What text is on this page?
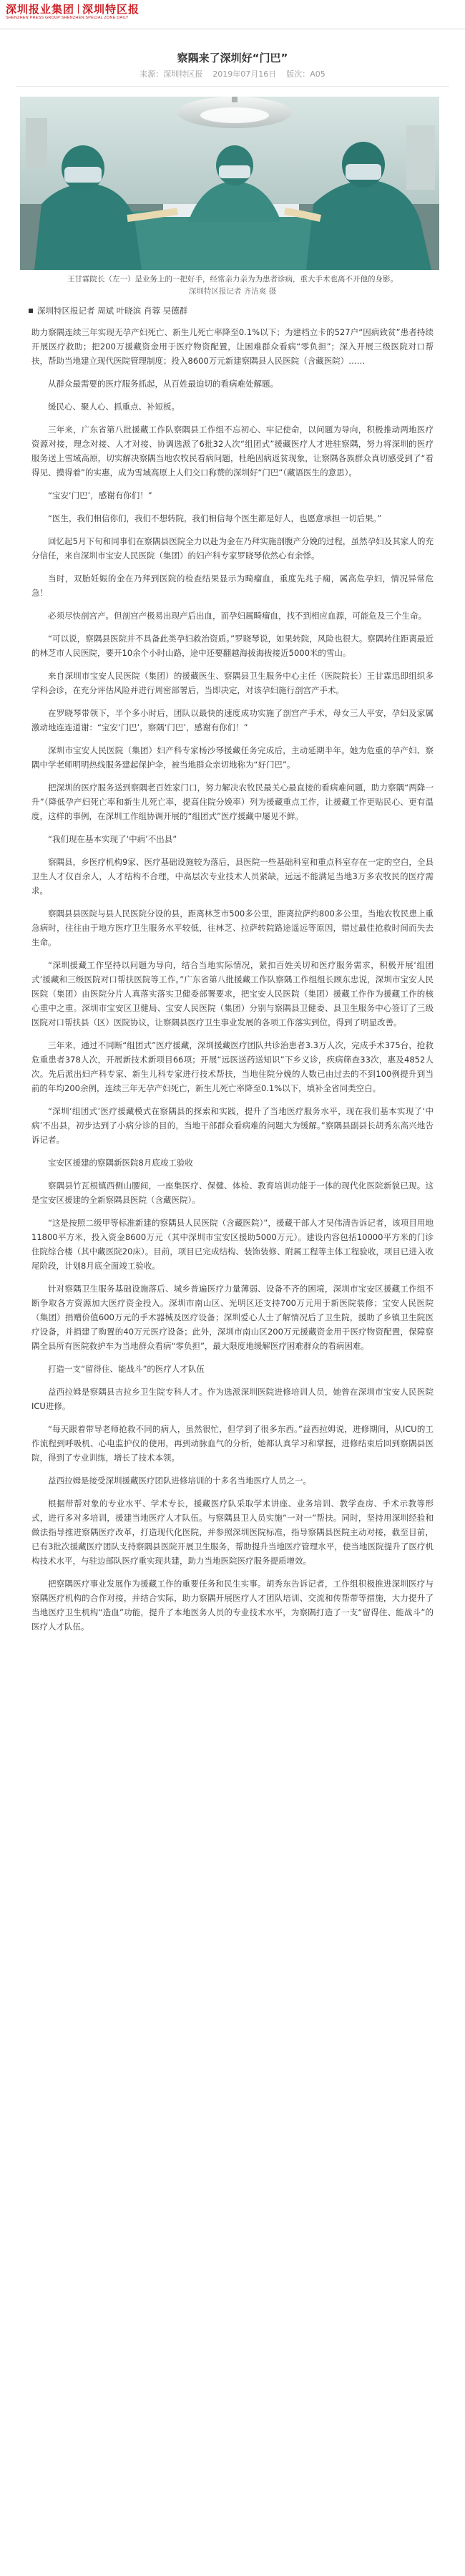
深圳报业集团 深圳特区报
SHENZHEN PRESS GROUP SHENZHEN SPECIAL ZONE DAILY
察隅来了深圳好“门巴”
来源：深圳特区报    2019年07月16日    版次：A05
王甘霖院长（左一）是业务上的一把好手，经常亲力亲为为患者诊病，重大手术也离不开他的身影。
深圳特区报记者 齐洁爽 摄
深圳特区报记者 周斌 叶晓滨 肖蓉 吴德群

助力察隅连续三年实现无孕产妇死亡、新生儿死亡率降至0.1%以下；为建档立卡的527户“因病致贫”患者持续开展医疗救助；把200万援藏资金用于医疗物资配置，让困难群众看病“零负担”；深入开展三级医院对口帮扶，帮助当地建立现代医院管理制度；投入8600万元新建察隅县人民医院（含藏医院）……

从群众最需要的医疗服务抓起，从百姓最迫切的看病难处解题。

缓民心、聚人心、抓重点、补短板。

三年来，广东省第八批援藏工作队察隅县工作组不忘初心、牢记使命，以问题为导向，积极推动两地医疗资源对接，理念对接、人才对接、协调选派了6批32人次“组团式”援藏医疗人才进驻察隅，努力将深圳的医疗服务送上雪域高原，切实解决察隅当地农牧民看病问题，杜绝因病返贫现象，让察隅各族群众真切感受到了“看得见、摸得着”的实惠，成为雪域高原上人们交口称赞的深圳好“门巴”（藏语医生的意思）。

“宝安‘门巴’，感谢有你们！”

“医生，我们相信你们，我们不想转院，我们相信每个医生都是好人，也愿意承担一切后果。”

回忆起5月下旬和同事们在察隅县医院全力以赴为金在乃拜实施剖腹产分娩的过程，虽然孕妇及其家人的充分信任，来自深圳市宝安人民医院（集团）的妇产科专家罗晓琴依然心有余悸。

当时，双胎妊娠的金在乃拜到医院的检查结果显示为畸瘤血，重度先兆子痫，属高危孕妇，情况异常危急！

必须尽快剖宫产。但剖宫产极易出现产后出血，而孕妇属畸瘤血，找不到相应血源，可能危及三个生命。

“可以说，察隅县医院并不具备此类孕妇救治资质。”罗晓琴说，如果转院，风险也很大。察隅转往距离最近的林芝市人民医院，要开10余个小时山路，途中还要翻越海拔海拔接近5000米的雪山。

来自深圳市宝安人民医院（集团）的援藏医生、察隅县卫生服务中心主任（医院院长）王甘霖迅即组织多学科会诊，在充分评估风险并进行周密部署后，当即决定，对该孕妇施行剖宫产手术。

在罗晓琴带领下，半个多小时后，团队以最快的速度成功实施了剖宫产手术，母女三人平安，孕妇及家属激动地连连道谢：“宝安‘门巴’，察隅‘门巴’，感谢有你们！”

深圳市宝安人民医院（集团）妇产科专家杨沙琴援藏任务完成后，主动延期半年。她为危重的孕产妇、察隅中学老师明明热线服务建起保护伞，被当地群众亲切地称为“好门巴”。

把深圳的医疗服务送到察隅老百姓家门口，努力解决农牧民最关心最直接的看病难问题，助力察隅“两降一升”（降低孕产妇死亡率和新生儿死亡率，提高住院分娩率）列为援藏重点工作，让援藏工作更贴民心、更有温度，这样的事例，在深圳工作组协调开展的“组团式”医疗援藏中屡见不鲜。

“我们现在基本实现了‘中病’不出县”

察隅县，乡医疗机构9家、医疗基础设施较为落后，县医院一些基础科室和重点科室存在一定的空白，全县卫生人才仅百余人，人才结构不合理，中高层次专业技术人员紧缺，远远不能满足当地3万多农牧民的医疗需求。

察隅县县医院与县人民医院分设的县，距离林芝市500多公里，距离拉萨约800多公里。当地农牧民患上重急病时，往往由于地方医疗卫生服务水平较低，往林芝、拉萨转院路途遥远等原因，错过最佳抢救时间而失去生命。

“深圳援藏工作坚持以问题为导向，结合当地实际情况，紧扣百姓关切和医疗服务需求，积极开展‘组团式’援藏和三级医院对口帮扶医院等工作。”广东省第八批援藏工作队察隅工作组组长顾东忠说，深圳市宝安人民医院（集团）由医院分片人真落实落实卫健委部署要求，把宝安人民医院（集团）援藏工作作为援藏工作的核心重中之重。深圳市宝安区卫健局、宝安人民医院（集团）分别与察隅县卫健委、县卫生服务中心签订了三级医院对口帮扶县（区）医院协议，让察隅县医疗卫生事业发展的各项工作落实到位，得到了明显改善。

三年来，通过不同断“组团式”医疗援藏，深圳援藏医疗团队共诊治患者3.3万人次，完成手术375台，抢救危重患者378人次，开展新技术新项目66项；开展“远医送药送知识”下乡义诊，疾病筛查33次，惠及4852人次。先后派出妇产科专家、新生儿科专家进行技术帮扶，当地住院分娩的人数已由过去的不到100例提升到当前的年均200余例，连续三年无孕产妇死亡，新生儿死亡率降至0.1%以下，填补全省同类空白。

“深圳‘组团式’医疗援藏模式在察隅县的探索和实践，提升了当地医疗服务水平，现在我们基本实现了‘中病’不出县，初步达到了小病分诊的目的，当地干部群众看病难的问题大为缓解。”察隅县副县长胡秀东高兴地告诉记者。

宝安区援建的察隅新医院8月底竣工验收

察隅县竹瓦根镇西侧山腰间，一座集医疗、保健、体检、教育培训功能于一体的现代化医院新貌已现。这是宝安区援建的全新察隅县医院（含藏医院）。

“这是按照二级甲等标准新建的察隅县人民医院（含藏医院）”，援藏干部人才吴伟清告诉记者，该项目用地11800平方米，投入资金8600万元（其中深圳市宝安区援助5000万元）。建设内容包括10000平方米的门诊住院综合楼（其中藏医院20床）。目前，项目已完成结构、装饰装修、附属工程等主体工程验收，项目已进入收尾阶段，计划8月底全面竣工验收。

针对察隅卫生服务基础设施落后、城乡普遍医疗力量薄弱、设备不齐的困境，深圳市宝安区援藏工作组不断争取各方资源加大医疗资金投入。深圳市南山区、光明区还支持700万元用于新医院装修；宝安人民医院（集团）捐赠价值600万元的手术器械及医疗设备；深圳爱心人士了解情况后了卫生院，援助了乡镇卫生院医疗设备，并捐建了购置的40万元医疗设备；此外，深圳市南山区200万元援藏资金用于医疗物资配置，保障察隅全县所有医院救护车为当地群众看病“零负担”，最大限度地缓解医疗困难群众的看病困难。

打造一支“留得住、能战斗”的医疗人才队伍

益西拉姆是察隅县吉拉乡卫生院专科人才。作为选派深圳医院进修培训人员，她曾在深圳市宝安人民医院ICU进修。

“每天跟着带导老师抢救不同的病人，虽然很忙，但学到了很多东西。”益西拉姆说，进修期间，从ICU的工作流程到呼吸机、心电监护仪的使用，再到动脉血气的分析，她都认真学习和掌握，进修结束后回到察隅县医院，得到了专业训练，增长了技术本领。

益西拉姆是接受深圳援藏医疗团队进修培训的十多名当地医疗人员之一。

根据带帮对象的专业水平、学术专长，援藏医疗队采取学术讲座、业务培训、教学查房、手术示教等形式，进行多对多培训，援建当地医疗人才队伍。与察隅县卫人员实施“一对一”帮扶。同时，坚持用深圳经验和做法指导推进察隅医疗改革，打造现代化医院，并参照深圳医院标准，指导察隅县医院主动对接，截至目前，已有3批次援藏医疗团队支持察隅县医院开展卫生服务，帮助提升当地医疗管理水平，使当地医院提升了医疗机构技术水平，与驻边部队医疗重实现共建，助力当地医院医疗服务提质增效。

把察隅医疗事业发展作为援藏工作的重要任务和民生实事。胡秀东告诉记者，工作组积极推进深圳医疗与察隅医疗机构的合作对接，并结合实际，助力察隅开展医疗人才团队培训、交流和传帮带等措施，大力提升了当地医疗卫生机构“造血”功能，提升了本地医务人员的专业技术水平，为察隅打造了一支“留得住、能战斗”的医疗人才队伍。
